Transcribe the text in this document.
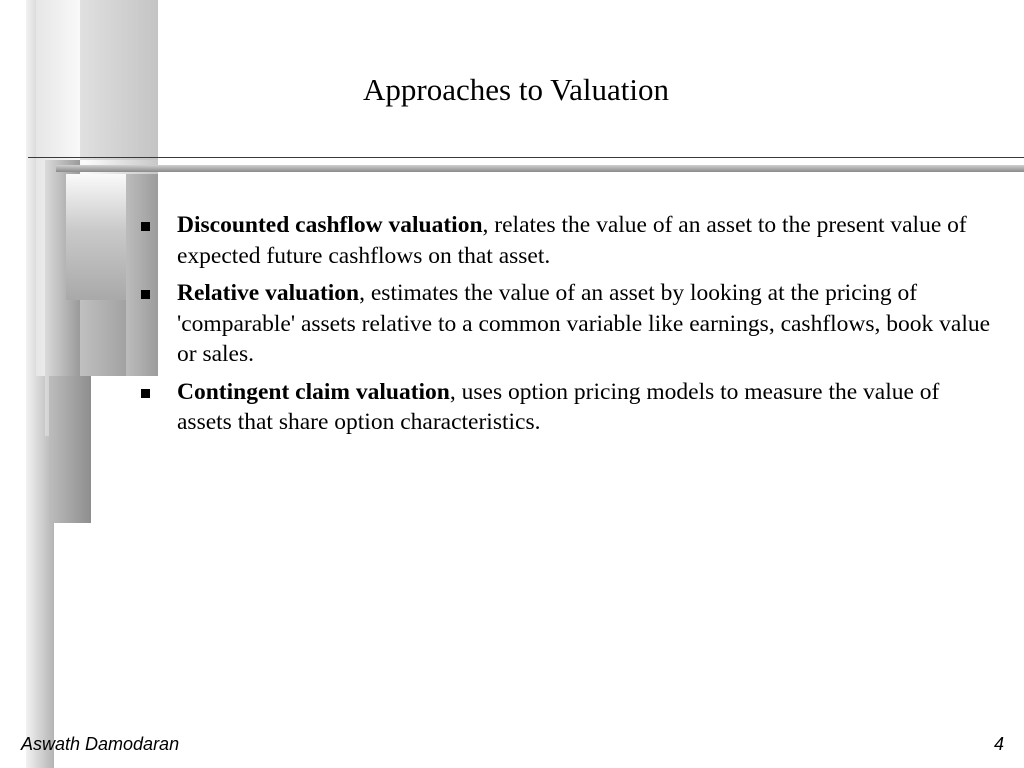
Approaches to Valuation
Discounted cashflow valuation, relates the value of an asset to the present value of expected future cashflows on that asset.
Relative valuation, estimates the value of an asset by looking at the pricing of 'comparable' assets relative to a common variable like earnings, cashflows, book value or sales.
Contingent claim valuation, uses option pricing models to measure the value of assets that share option characteristics.
Aswath Damodaran	4
